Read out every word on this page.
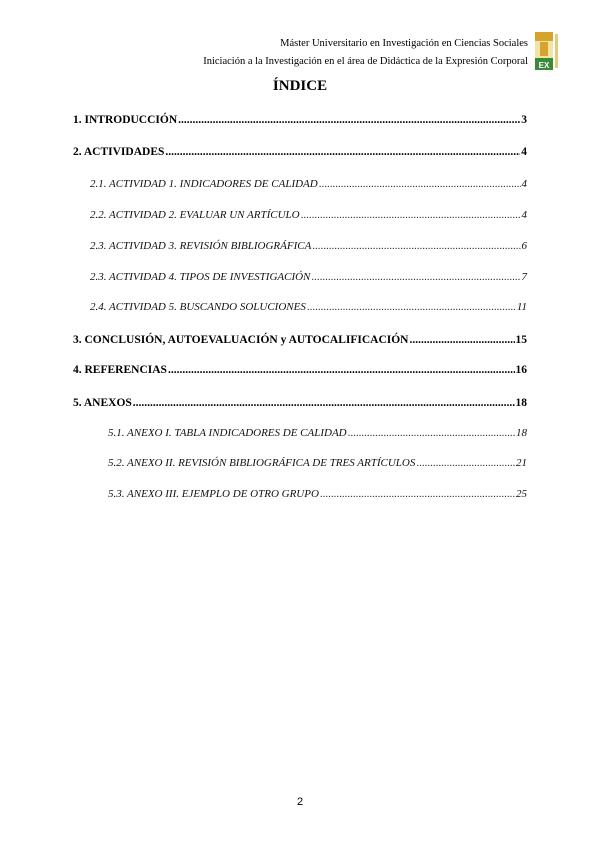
Máster Universitario en Investigación en Ciencias Sociales
Iniciación a la Investigación en el área de Didáctica de la Expresión Corporal EX
ÍNDICE
1. INTRODUCCIÓN .....	3
2. ACTIVIDADES .....	4
2.1. ACTIVIDAD 1. INDICADORES DE CALIDAD .....	4
2.2. ACTIVIDAD 2. EVALUAR UN ARTÍCULO .....	4
2.3. ACTIVIDAD 3. REVISIÓN BIBLIOGRÁFICA .....	6
2.3. ACTIVIDAD 4. TIPOS DE INVESTIGACIÓN .....	7
2.4. ACTIVIDAD 5. BUSCANDO SOLUCIONES .....	11
3. CONCLUSIÓN, AUTOEVALUACIÓN y AUTOCALIFICACIÓN .....	15
4. REFERENCIAS .....	16
5. ANEXOS .....	18
5.1. ANEXO I. TABLA INDICADORES DE CALIDAD .....	18
5.2. ANEXO II. REVISIÓN BIBLIOGRÁFICA DE TRES ARTÍCULOS .....	21
5.3. ANEXO III. EJEMPLO DE OTRO GRUPO .....	25
2
